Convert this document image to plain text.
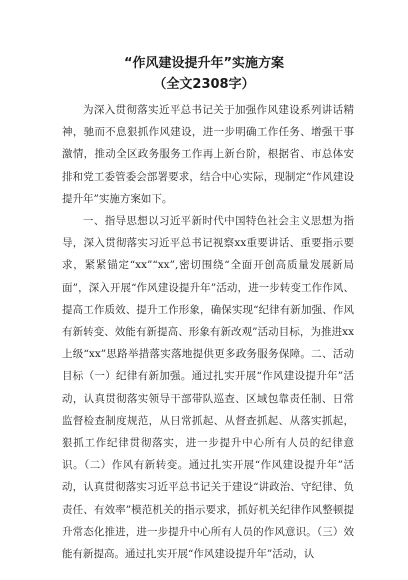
“作风建设提升年”实施方案
（全文2308字）

为深入贯彻落实近平总书记关于加强作风建设系列讲话精神，驰而不息狠抓作风建设，进一步明确工作任务、增强干事激情，推动全区政务服务工作再上新台阶，根据省、市总体安排和党工委管委会部署要求，结合中心实际，现制定“作风建设提升年”实施方案如下。

一、指导思想以习近平新时代中国特色社会主义思想为指导，深入贯彻落实习近平总书记视察xx重要讲话、重要指示要求，紧紧锚定“xx”“xx”,密切围绕“全面开创高质量发展新局面”，深入开展“作风建设提升年”活动，进一步转变工作作风、提高工作质效、提升工作形象，确保实现“纪律有新加强、作风有新转变、效能有新提高、形象有新改观”活动目标，为推进xx上级“xx”思路举措落实落地提供更多政务服务保障。二、活动目标（一）纪律有新加强。通过扎实开展“作风建设提升年”活动，认真贯彻落实领导干部带队巡查、区域包靠责任制、日常监督检查制度规范，从日常抓起、从督查抓起、从落实抓起，狠抓工作纪律贯彻落实，进一步提升中心所有人员的纪律意识。（二）作风有新转变。通过扎实开展“作风建设提升年”活动，认真贯彻落实习近平总书记关于建设“讲政治、守纪律、负责任、有效率”模范机关的指示要求，抓好机关纪律作风整顿提升常态化推进，进一步提升中心所有人员的作风意识。（三）效能有新提高。通过扎实开展“作风建设提升年”活动，认
